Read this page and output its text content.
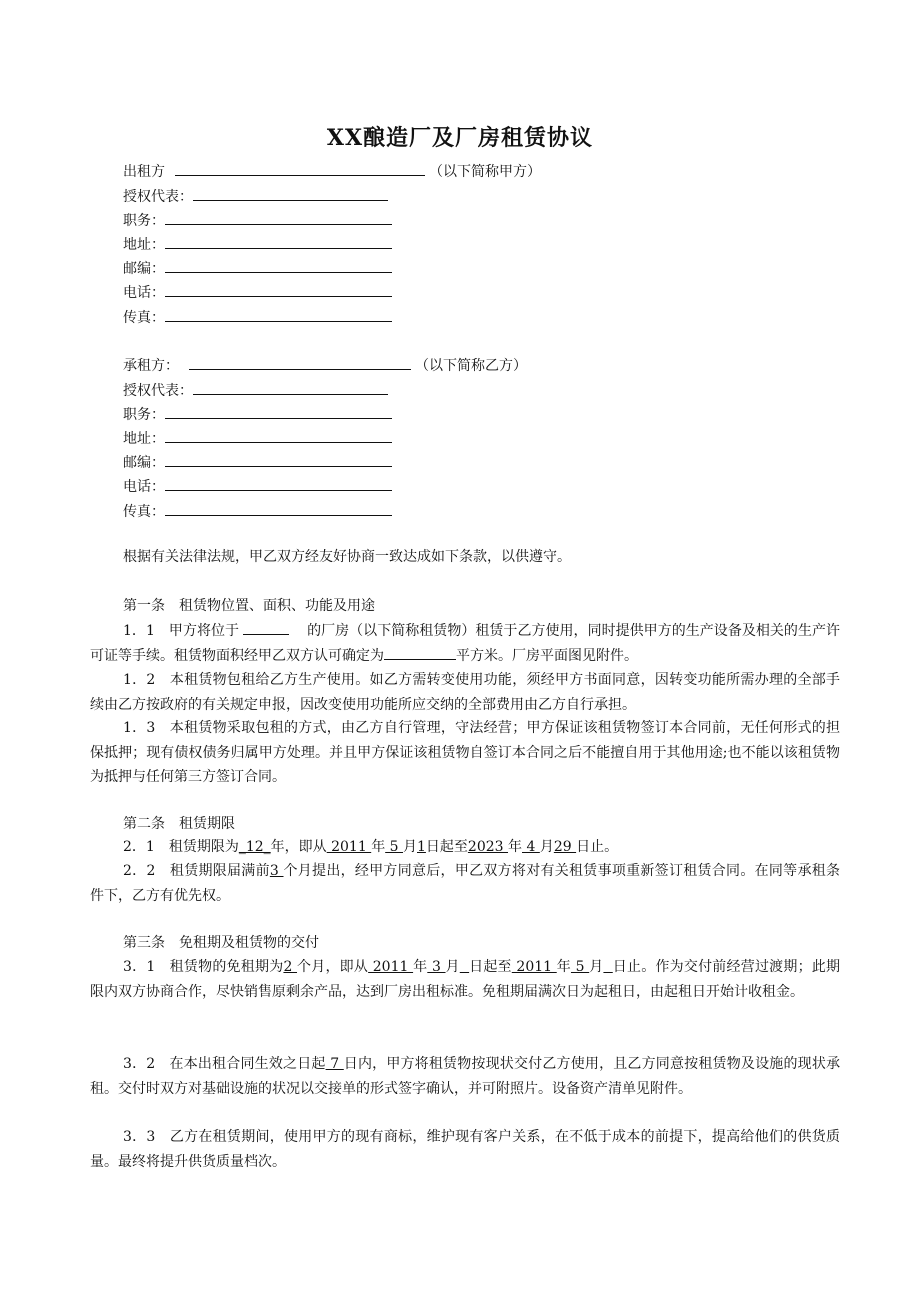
XX酿造厂及厂房租赁协议
出租方	（以下简称甲方）
授权代表：
职务：
地址：
邮编：
电话：
传真：
承租方：	（以下简称乙方）
授权代表：
职务：
地址：
邮编：
电话：
传真：
根据有关法律法规，甲乙双方经友好协商一致达成如下条款，以供遵守。
第一条　租赁物位置、面积、功能及用途

1．1　甲方将位于	的厂房（以下简称租赁物）租赁于乙方使用，同时提供甲方的生产设备及相关的生产许可证等手续。租赁物面积经甲乙双方认可确定为	平方米。厂房平面图见附件。

1．2　本租赁物包租给乙方生产使用。如乙方需转变使用功能，须经甲方书面同意，因转变功能所需办理的全部手续由乙方按政府的有关规定申报，因改变使用功能所应交纳的全部费用由乙方自行承担。

1．3　本租赁物采取包租的方式，由乙方自行管理，守法经营；甲方保证该租赁物签订本合同前，无任何形式的担保抵押；现有债权债务归属甲方处理。并且甲方保证该租赁物自签订本合同之后不能擅自用于其他用途;也不能以该租赁物为抵押与任何第三方签订合同。

第二条　租赁期限

2．1　租赁期限为_12_年，即从 2011 年 5 月1日起至2023 年 4 月29 日止。

2．2　租赁期限届满前3 个月提出，经甲方同意后，甲乙双方将对有关租赁事项重新签订租赁合同。在同等承租条件下，乙方有优先权。

第三条　免租期及租赁物的交付

3．1　租赁物的免租期为2 个月，即从 2011 年 3 月 日起至 2011 年 5 月 日止。作为交付前经营过渡期；此期限内双方协商合作，尽快销售原剩余产品，达到厂房出租标准。免租期届满次日为起租日，由起租日开始计收租金。

3．2　在本出租合同生效之日起 7 日内，甲方将租赁物按现状交付乙方使用，且乙方同意按租赁物及设施的现状承租。交付时双方对基础设施的状况以交接单的形式签字确认，并可附照片。设备资产清单见附件。

3．3　乙方在租赁期间，使用甲方的现有商标，维护现有客户关系，在不低于成本的前提下，提高给他们的供货质量。最终将提升供货质量档次。
